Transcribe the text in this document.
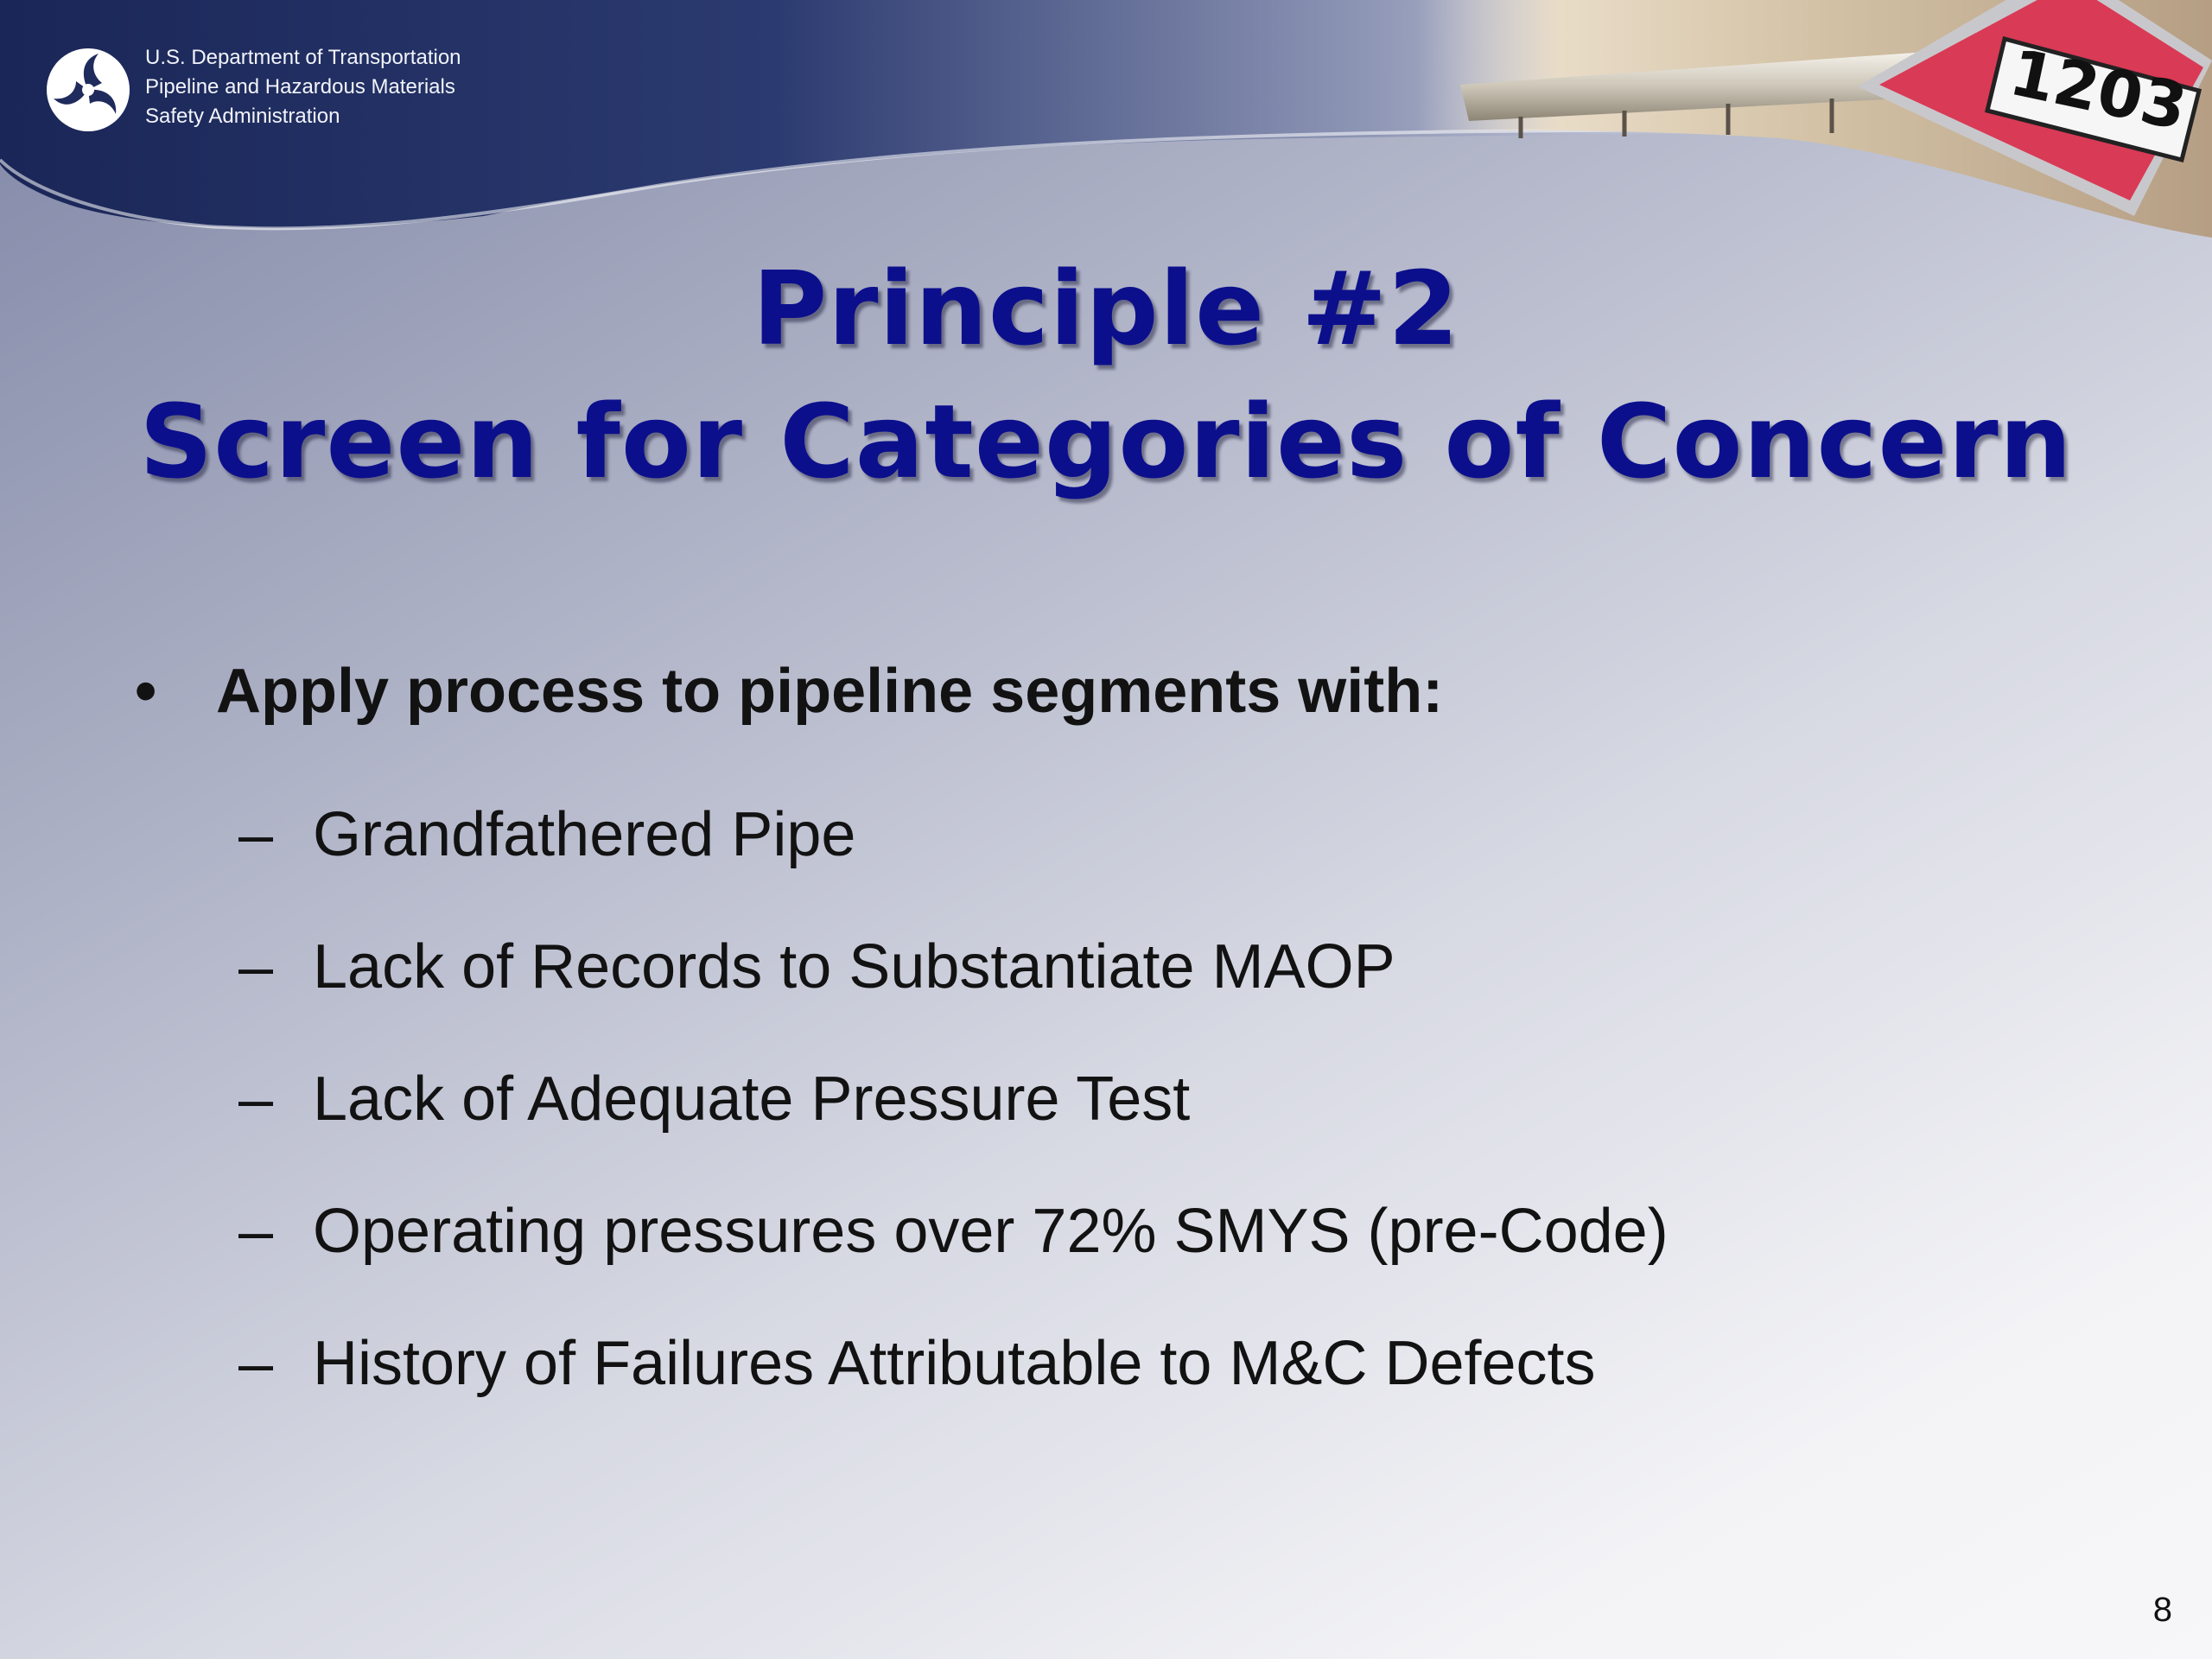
1203
U.S. Department of Transportation
Pipeline and Hazardous Materials
Safety Administration
Principle #2
Screen for Categories of Concern
• Apply process to pipeline segments with:
– Grandfathered Pipe
– Lack of Records to Substantiate MAOP
– Lack of Adequate Pressure Test
– Operating pressures over 72% SMYS (pre-Code)
– History of Failures Attributable to M&C Defects
8
